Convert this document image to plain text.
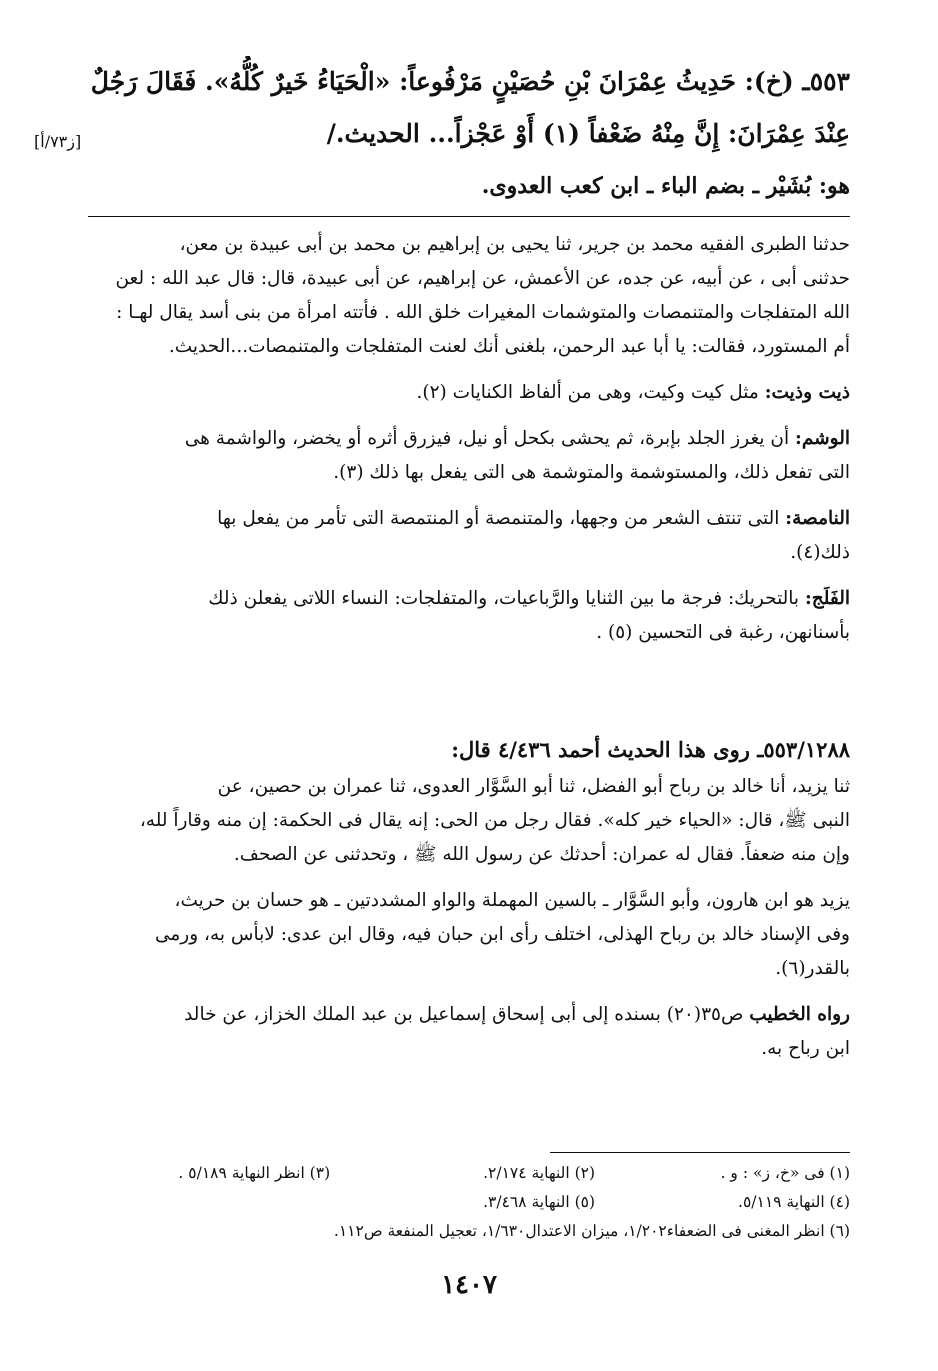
[ز٧٣/أ]
٥٥٣ـ (خ): حَدِيثُ عِمْرَانَ بْنِ حُصَيْنٍ مَرْفُوعاً: «الْحَيَاءُ خَيرٌ كُلُّهُ». فَقَالَ رَجُلٌ
عِنْدَ عِمْرَانَ: إِنَّ مِنْهُ ضَعْفاً (١) أَوْ عَجْزاً... الحديث./
هو: بُشَيْر ـ بضم الباء ـ ابن كعب العدوى.
حدثنا الطبرى الفقيه محمد بن جرير، ثنا يحيى بن إبراهيم بن محمد بن أبى عبيدة بن معن،
حدثنى أبى ، عن أبيه، عن جده، عن الأعمش، عن إبراهيم، عن أبى عبيدة، قال: قال عبد الله : لعن
الله المتفلجات والمتنمصات والمتوشمات المغيرات خلق الله . فأتته امرأة من بنى أسد يقال لهـا :
أم المستورد، فقالت: يا أبا عبد الرحمن، بلغنى أنك لعنت المتفلجات والمتنمصات...الحديث.
ذيت وذيت: مثل كيت وكيت، وهى من ألفاظ الكنايات (٢).
الوشم: أن يغرز الجلد بإبرة، ثم يحشى بكحل أو نيل، فيزرق أثره أو يخضر، والواشمة هى
التى تفعل ذلك، والمستوشمة والمتوشمة هى التى يفعل بها ذلك (٣).
النامصة: التى تنتف الشعر من وجهها، والمتنمصة أو المنتمصة التى تأمر من يفعل بها
ذلك(٤).
الفَلَج: بالتحريك: فرجة ما بين الثنايا والرَّباعيات، والمتفلجات: النساء اللاتى يفعلن ذلك
بأسنانهن، رغبة فى التحسين (٥) .
٥٥٣/١٢٨٨ـ روى هذا الحديث أحمد ٤/٤٣٦ قال:
ثنا يزيد، أنا خالد بن رباح أبو الفضل، ثنا أبو السَّوَّار العدوى، ثنا عمران بن حصين، عن
النبى ﷺ، قال: «الحياء خير كله». فقال رجل من الحى: إنه يقال فى الحكمة: إن منه وقاراً لله،
وإن منه ضعفاً. فقال له عمران: أحدثك عن رسول الله ﷺ ، وتحدثنى عن الصحف.
يزيد هو ابن هارون، وأبو السَّوَّار ـ بالسين المهملة والواو المشددتين ـ هو حسان بن حريث،
وفى الإسناد خالد بن رباح الهذلى، اختلف رأى ابن حبان فيه، وقال ابن عدى: لابأس به، ورمى
بالقدر(٦).
رواه الخطيب ص٣٥(٢٠) بسنده إلى أبى إسحاق إسماعيل بن عبد الملك الخزاز، عن خالد
ابن رباح به.
(١) فى «خ، ز» : و . (٢) النهاية ٢/١٧٤. (٣) انظر النهاية ٥/١٨٩ .
(٤) النهاية ٥/١١٩. (٥) النهاية ٣/٤٦٨.
(٦) انظر المغنى فى الضعفاء١/٢٠٢، ميزان الاعتدال١/٦٣٠، تعجيل المنفعة ص١١٢.
١٤٠٧
